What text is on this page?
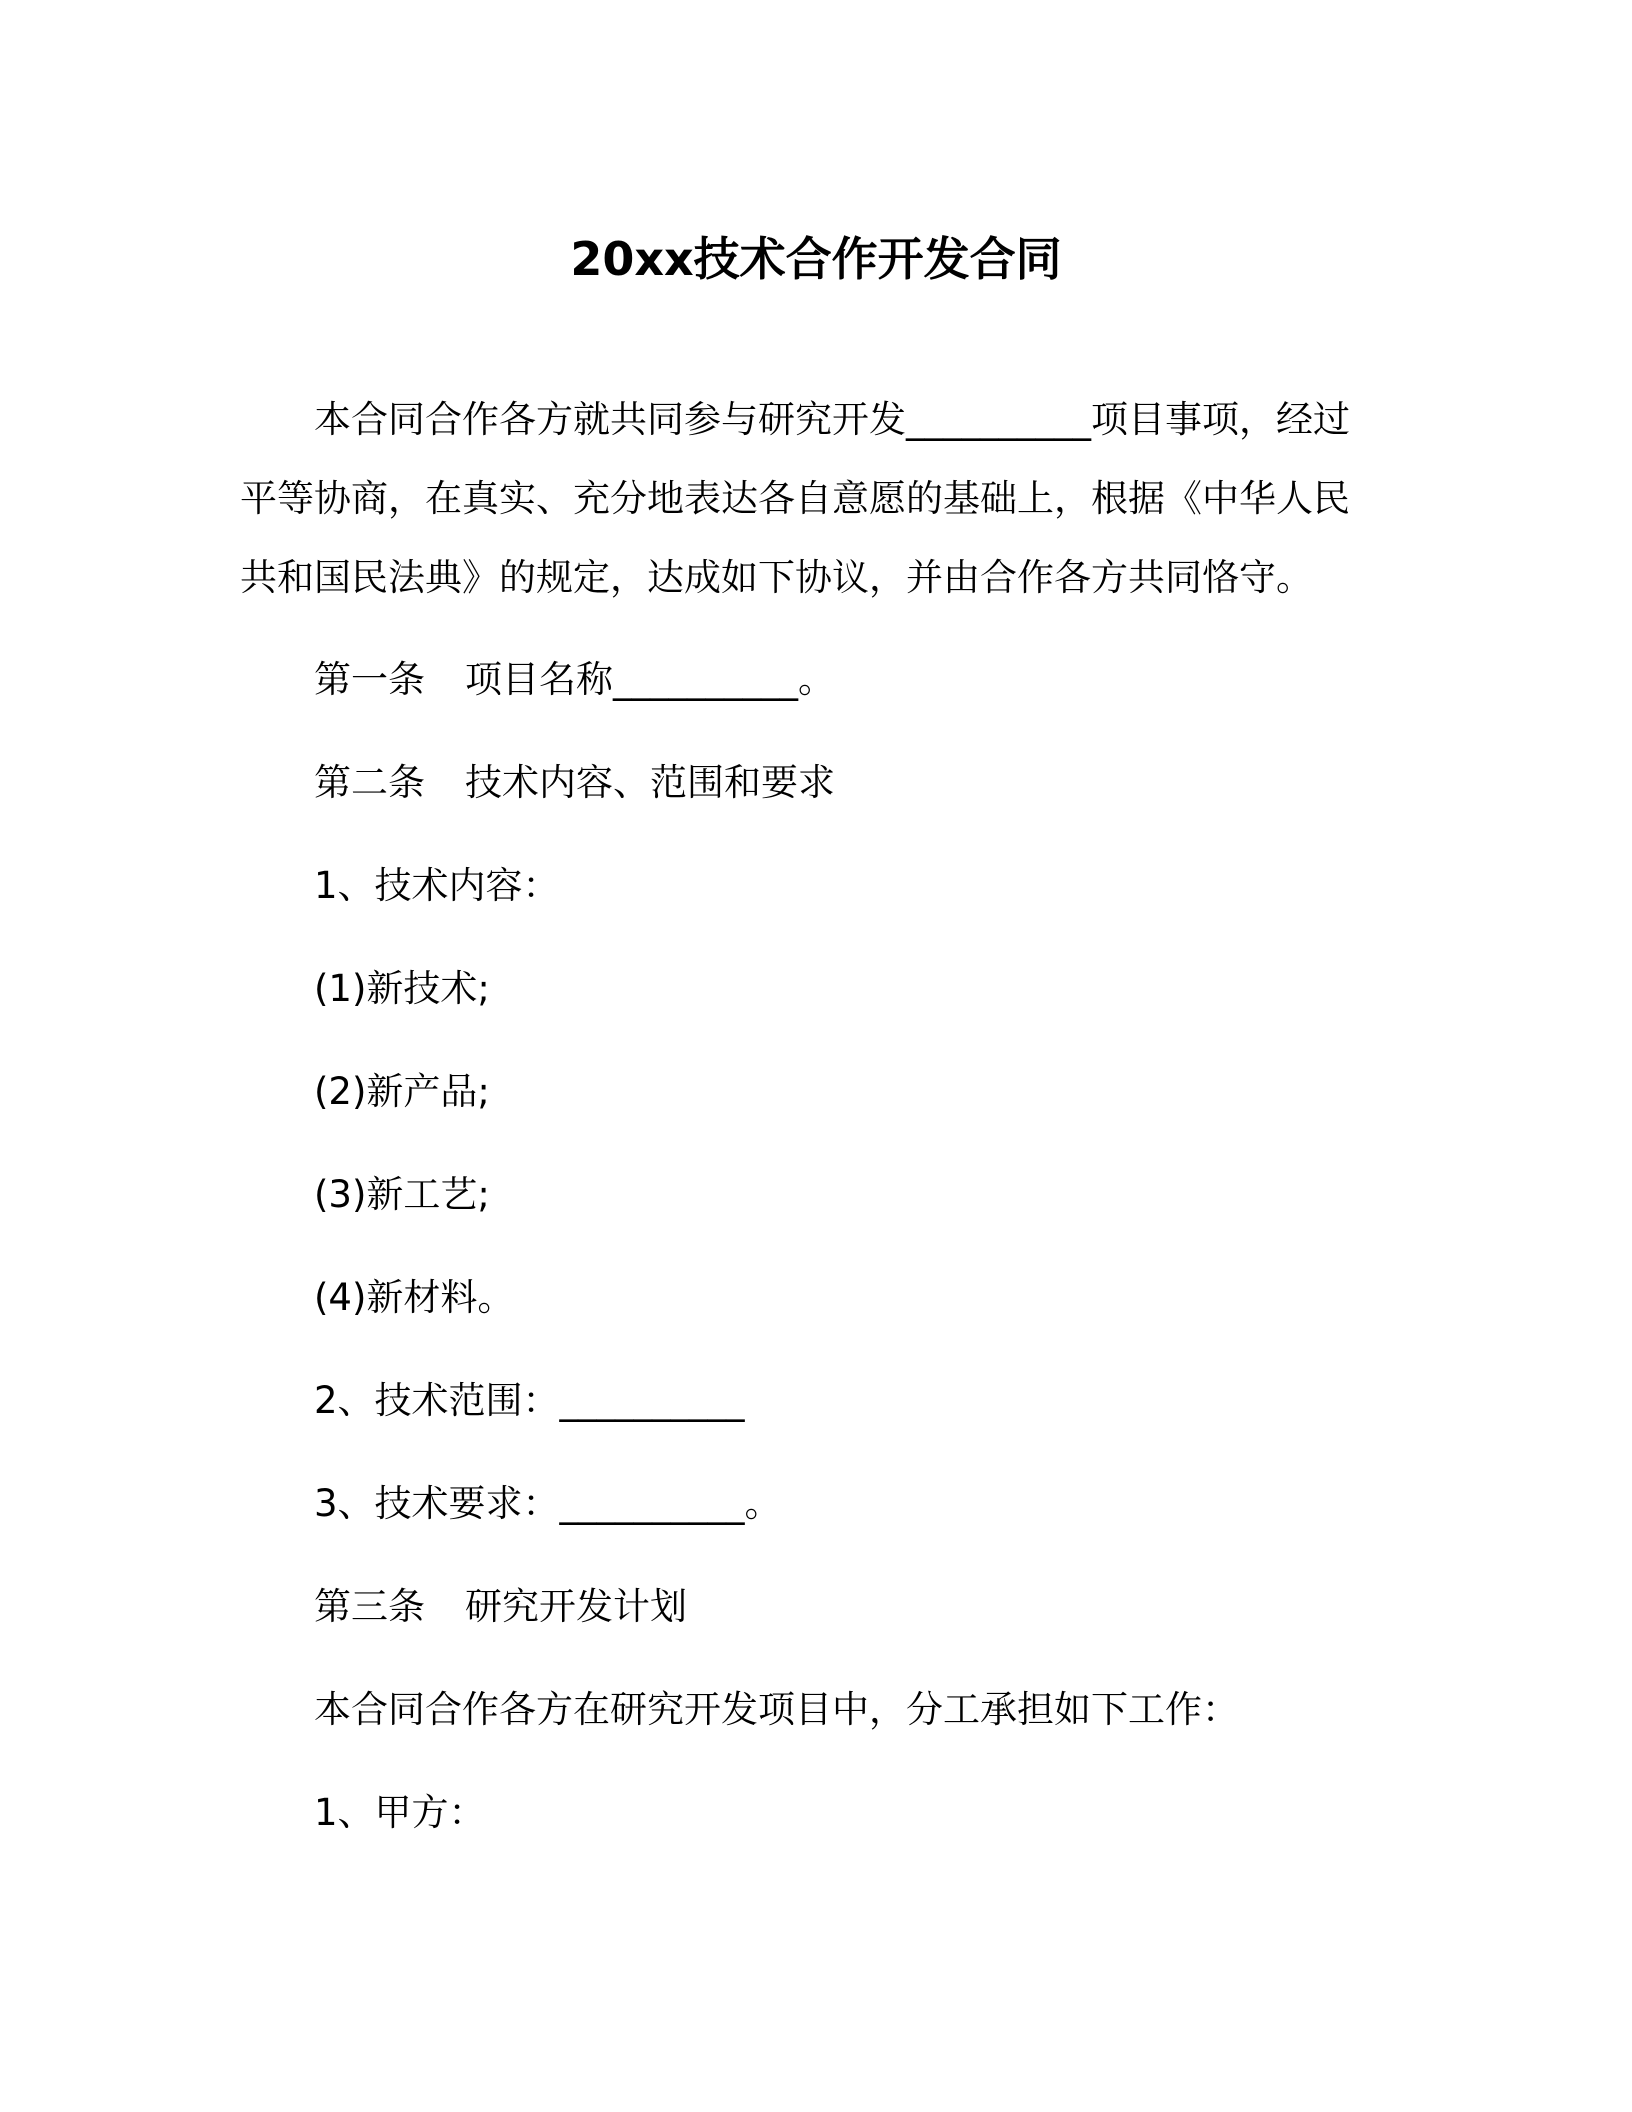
20xx技术合作开发合同
本合同合作各方就共同参与研究开发__________项目事项，经过
平等协商，在真实、充分地表达各自意愿的基础上，根据《中华人民
共和国民法典》的规定，达成如下协议，并由合作各方共同恪守。
第一条 项目名称__________。
第二条 技术内容、范围和要求
1、技术内容：
(1)新技术;
(2)新产品;
(3)新工艺;
(4)新材料。
2、技术范围：__________
3、技术要求：__________。
第三条 研究开发计划
本合同合作各方在研究开发项目中，分工承担如下工作：
1、甲方：
